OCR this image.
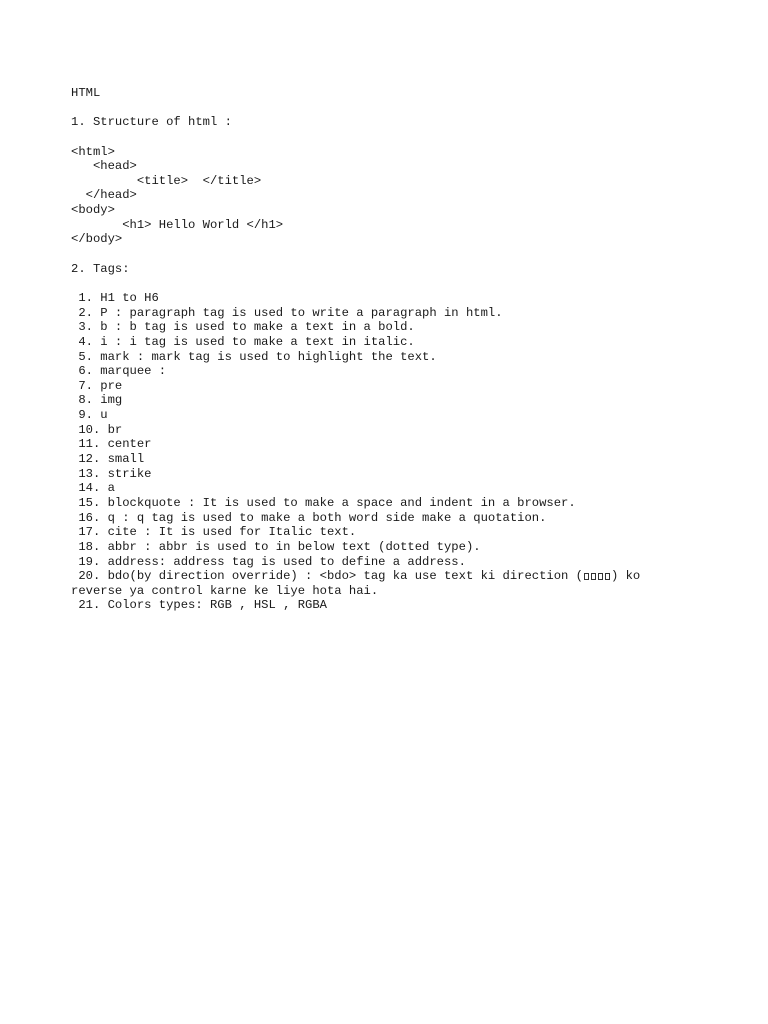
HTML
1. Structure of html :
<html>
<head>
<title>  </title>
</head>
<body>
<h1> Hello World </h1>
</body>
2. Tags:
1. H1 to H6
2. P : paragraph tag is used to write a paragraph in html.
3. b : b tag is used to make a text in a bold.
4. i : i tag is used to make a text in italic.
5. mark : mark tag is used to highlight the text.
6. marquee :
7. pre
8. img
9. u
10. br
11. center
12. small
13. strike
14. a
15. blockquote : It is used to make a space and indent in a browser.
16. q : q tag is used to make a both word side make a quotation.
17. cite : It is used for Italic text.
18. abbr : abbr is used to in below text (dotted type).
19. address: address tag is used to define a address.
20. bdo(by direction override) : <bdo> tag ka use text ki direction ( ) ko
reverse ya control karne ke liye hota hai.
21. Colors types: RGB , HSL , RGBA
